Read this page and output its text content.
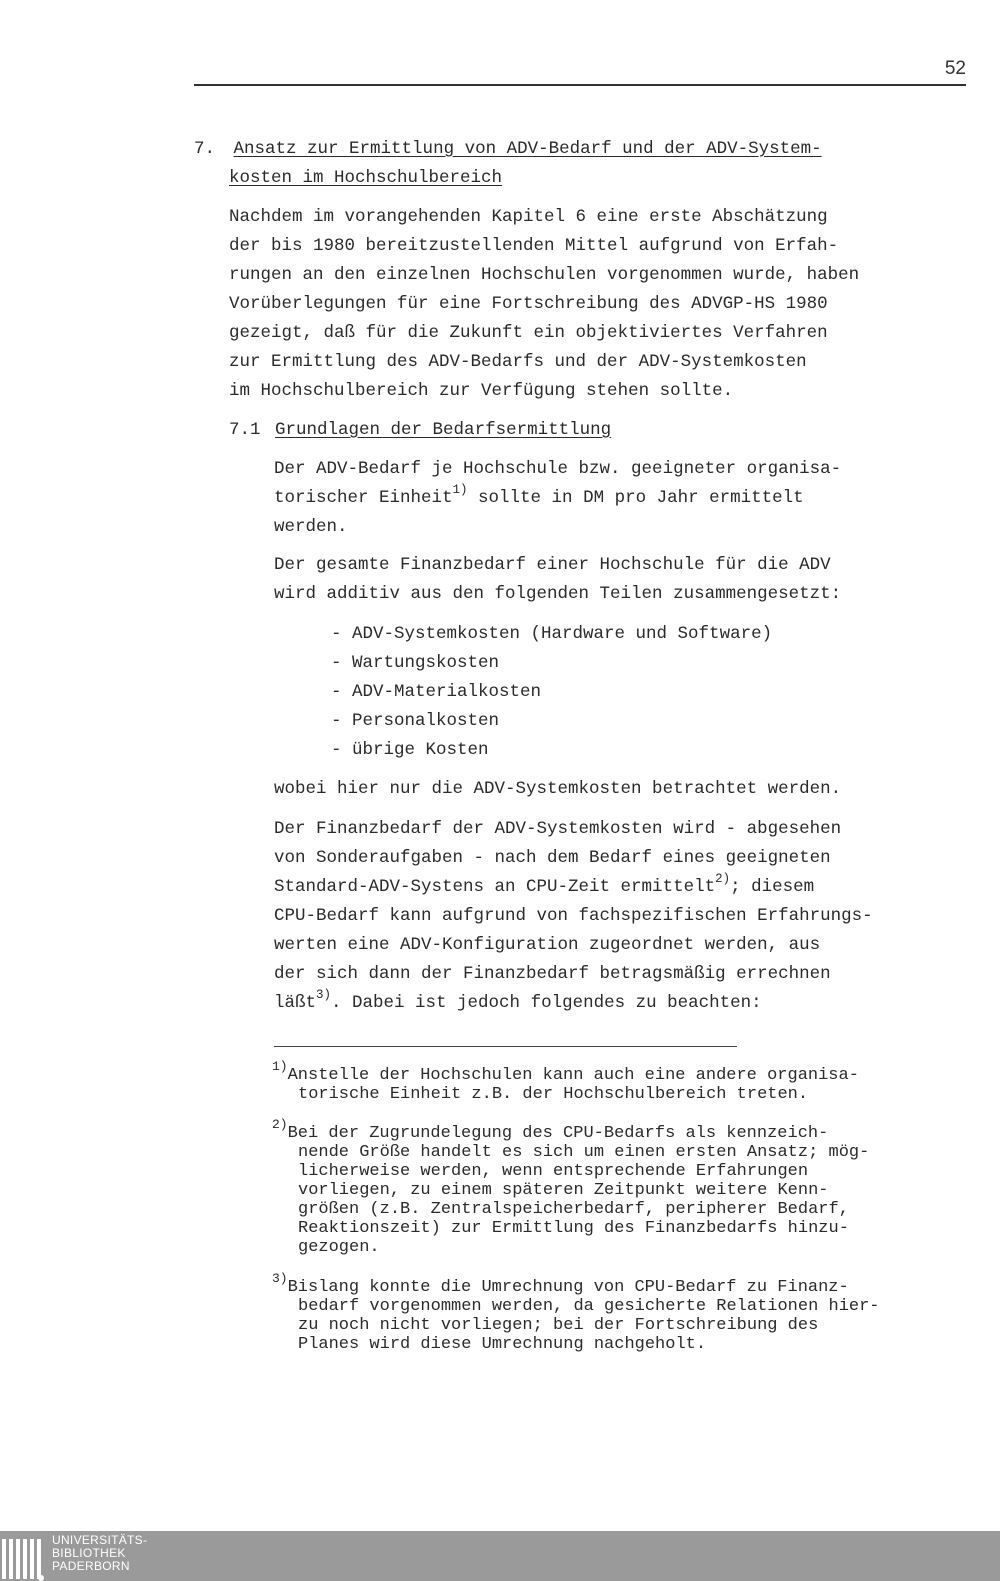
52
7. Ansatz zur Ermittlung von ADV-Bedarf und der ADV-System-
kosten im Hochschulbereich
Nachdem im vorangehenden Kapitel 6 eine erste Abschätzung
der bis 1980 bereitzustellenden Mittel aufgrund von Erfah-
rungen an den einzelnen Hochschulen vorgenommen wurde, haben
Vorüberlegungen für eine Fortschreibung des ADVGP-HS 1980
gezeigt, daß für die Zukunft ein objektiviertes Verfahren
zur Ermittlung des ADV-Bedarfs und der ADV-Systemkosten
im Hochschulbereich zur Verfügung stehen sollte.
7.1 Grundlagen der Bedarfsermittlung
Der ADV-Bedarf je Hochschule bzw. geeigneter organisa-
torischer Einheit$^{1)}$ sollte in DM pro Jahr ermittelt
werden.
Der gesamte Finanzbedarf einer Hochschule für die ADV
wird additiv aus den folgenden Teilen zusammengesetzt:
- ADV-Systemkosten (Hardware und Software)
- Wartungskosten
- ADV-Materialkosten
- Personalkosten
- übrige Kosten
wobei hier nur die ADV-Systemkosten betrachtet werden.
Der Finanzbedarf der ADV-Systemkosten wird - abgesehen
von Sonderaufgaben - nach dem Bedarf eines geeigneten
Standard-ADV-Systens an CPU-Zeit ermittelt$^{2)}$; diesem
CPU-Bedarf kann aufgrund von fachspezifischen Erfahrungs-
werten eine ADV-Konfiguration zugeordnet werden, aus
der sich dann der Finanzbedarf betragsmäßig errechnen
läßt$^{3)}$. Dabei ist jedoch folgendes zu beachten:
$^{1)}$Anstelle der Hochschulen kann auch eine andere organisa-
torische Einheit z.B. der Hochschulbereich treten.
$^{2)}$Bei der Zugrundelegung des CPU-Bedarfs als kennzeich-
nende Größe handelt es sich um einen ersten Ansatz; mög-
licherweise werden, wenn entsprechende Erfahrungen
vorliegen, zu einem späteren Zeitpunkt weitere Kenn-
größen (z.B. Zentralspeicherbedarf, peripherer Bedarf,
Reaktionszeit) zur Ermittlung des Finanzbedarfs hinzu-
gezogen.
$^{3)}$Bislang konnte die Umrechnung von CPU-Bedarf zu Finanz-
bedarf vorgenommen werden, da gesicherte Relationen hier-
zu noch nicht vorliegen; bei der Fortschreibung des
Planes wird diese Umrechnung nachgeholt.
UNIVERSITÄTS-
BIBLIOTHEK
PADERBORN
